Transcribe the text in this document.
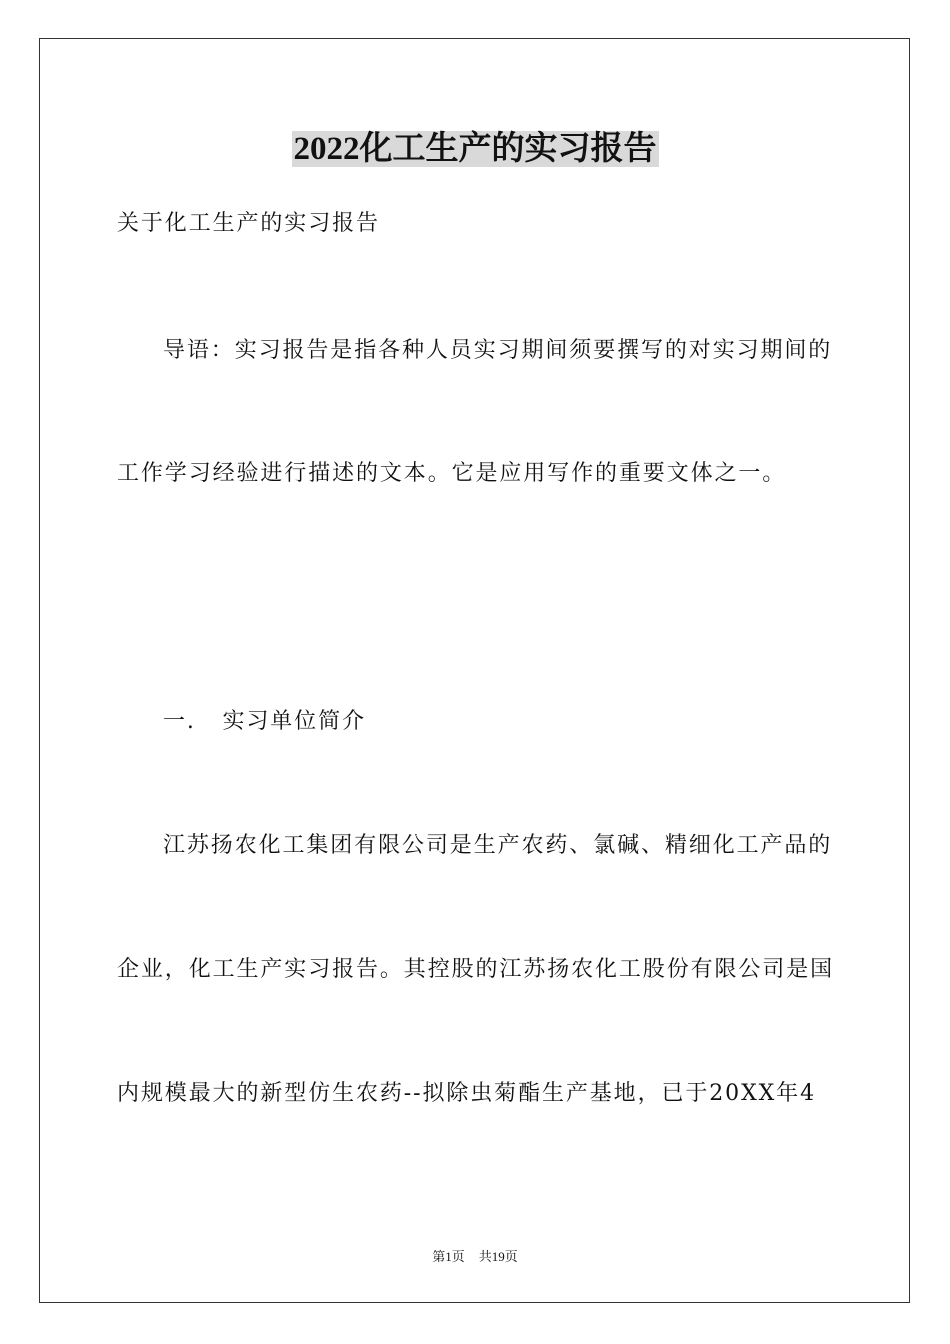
2022化工生产的实习报告
关于化工生产的实习报告
导语：实习报告是指各种人员实习期间须要撰写的对实习期间的
工作学习经验进行描述的文本。它是应用写作的重要文体之一。
一.   实习单位简介
江苏扬农化工集团有限公司是生产农药、氯碱、精细化工产品的
企业，化工生产实习报告。其控股的江苏扬农化工股份有限公司是国
内规模最大的新型仿生农药--拟除虫菊酯生产基地，已于20XX年4
第1页 共19页
